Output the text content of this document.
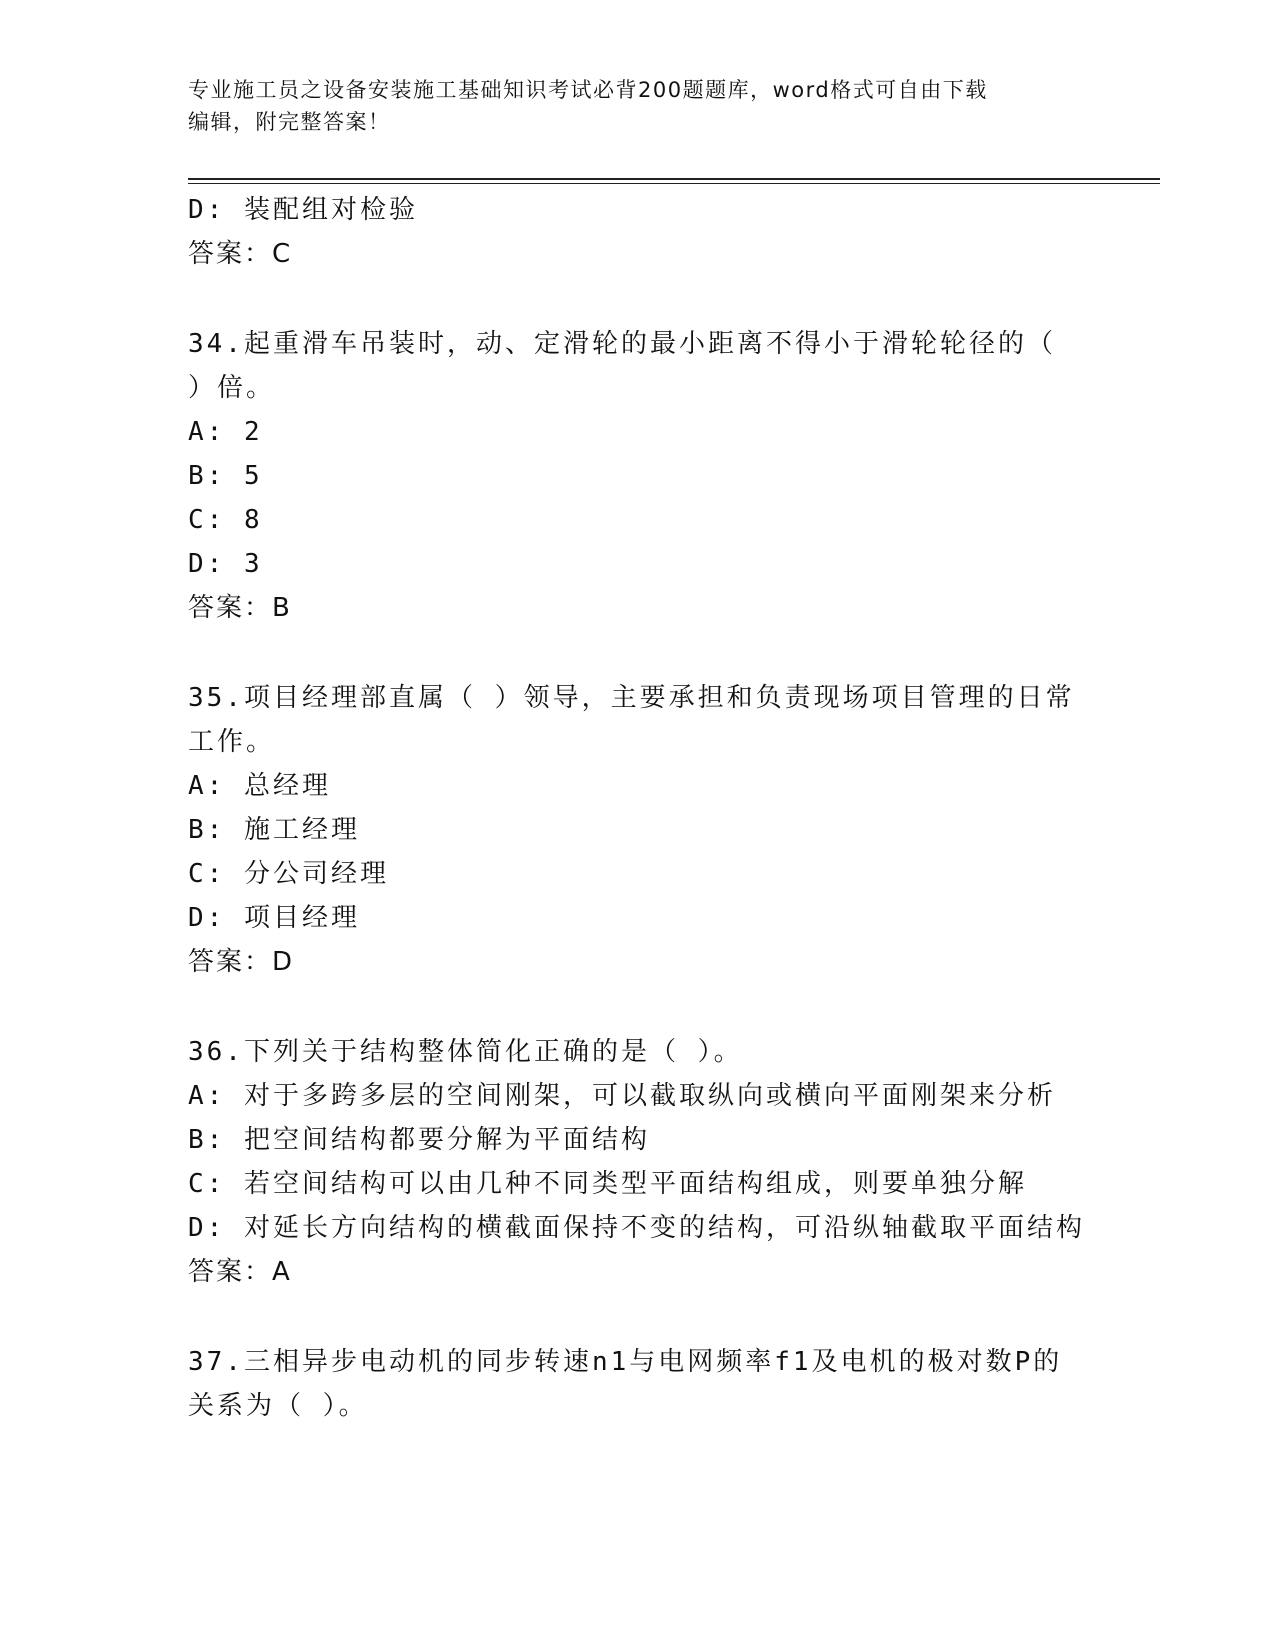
专业施工员之设备安装施工基础知识考试必背200题题库，word格式可自由下载
编辑，附完整答案！
D: 装配组对检验
答案：C
34.起重滑车吊装时，动、定滑轮的最小距离不得小于滑轮轮径的（
）倍。
A: 2
B: 5
C: 8
D: 3
答案：B
35.项目经理部直属（ ）领导，主要承担和负责现场项目管理的日常
工作。
A: 总经理
B: 施工经理
C: 分公司经理
D: 项目经理
答案：D
36.下列关于结构整体简化正确的是（ ）。
A: 对于多跨多层的空间刚架，可以截取纵向或横向平面刚架来分析
B: 把空间结构都要分解为平面结构
C: 若空间结构可以由几种不同类型平面结构组成，则要单独分解
D: 对延长方向结构的横截面保持不变的结构，可沿纵轴截取平面结构
答案：A
37.三相异步电动机的同步转速n1与电网频率f1及电机的极对数P的
关系为（ ）。
